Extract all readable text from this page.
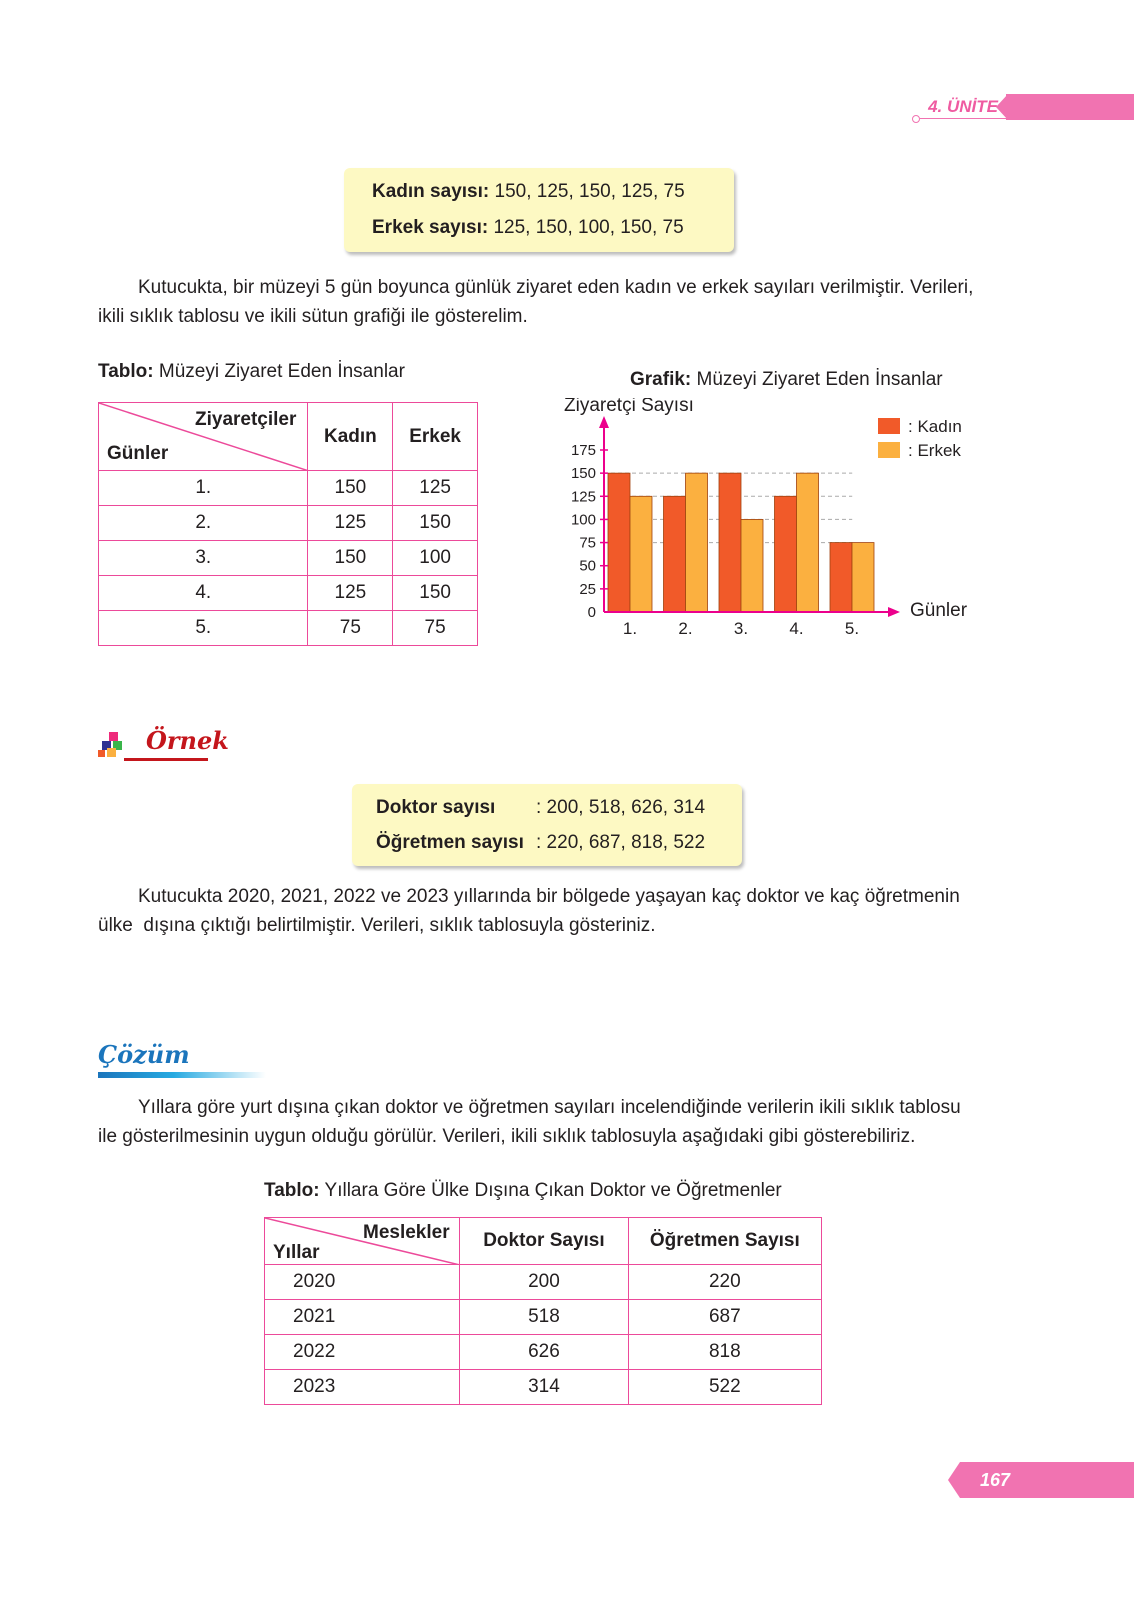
4. ÜNİTE
Kadın sayısı: 150, 125, 150, 125, 75
Erkek sayısı: 125, 150, 100, 150, 75
Kutucukta, bir müzeyi 5 gün boyunca günlük ziyaret eden kadın ve erkek sayıları verilmiştir. Verileri,
ikili sıklık tablosu ve ikili sütun grafiği ile gösterelim.
Tablo: Müzeyi Ziyaret Eden İnsanlar
Ziyaretçiler
Günler	Kadın	Erkek
1.	150	125
2.	125	150
3.	150	100
4.	125	150
5.	75	75
Grafik: Müzeyi Ziyaret Eden İnsanlar
Ziyaretçi Sayısı
1. 2. 3. 4. 5.
Günler
0
25
50
75
100
125
150
175
: Kadın
: Erkek
Örnek
Doktor sayısı : 200, 518, 626, 314
Öğretmen sayısı : 220, 687, 818, 522
Kutucukta 2020, 2021, 2022 ve 2023 yıllarında bir bölgede yaşayan kaç doktor ve kaç öğretmenin
ülke  dışına çıktığı belirtilmiştir. Verileri, sıklık tablosuyla gösteriniz.
Çözüm
Yıllara göre yurt dışına çıkan doktor ve öğretmen sayıları incelendiğinde verilerin ikili sıklık tablosu
ile gösterilmesinin uygun olduğu görülür. Verileri, ikili sıklık tablosuyla aşağıdaki gibi gösterebiliriz.
Tablo: Yıllara Göre Ülke Dışına Çıkan Doktor ve Öğretmenler
Meslekler
Yıllar	Doktor Sayısı	Öğretmen Sayısı
2020	200	220
2021	518	687
2022	626	818
2023	314	522
167
